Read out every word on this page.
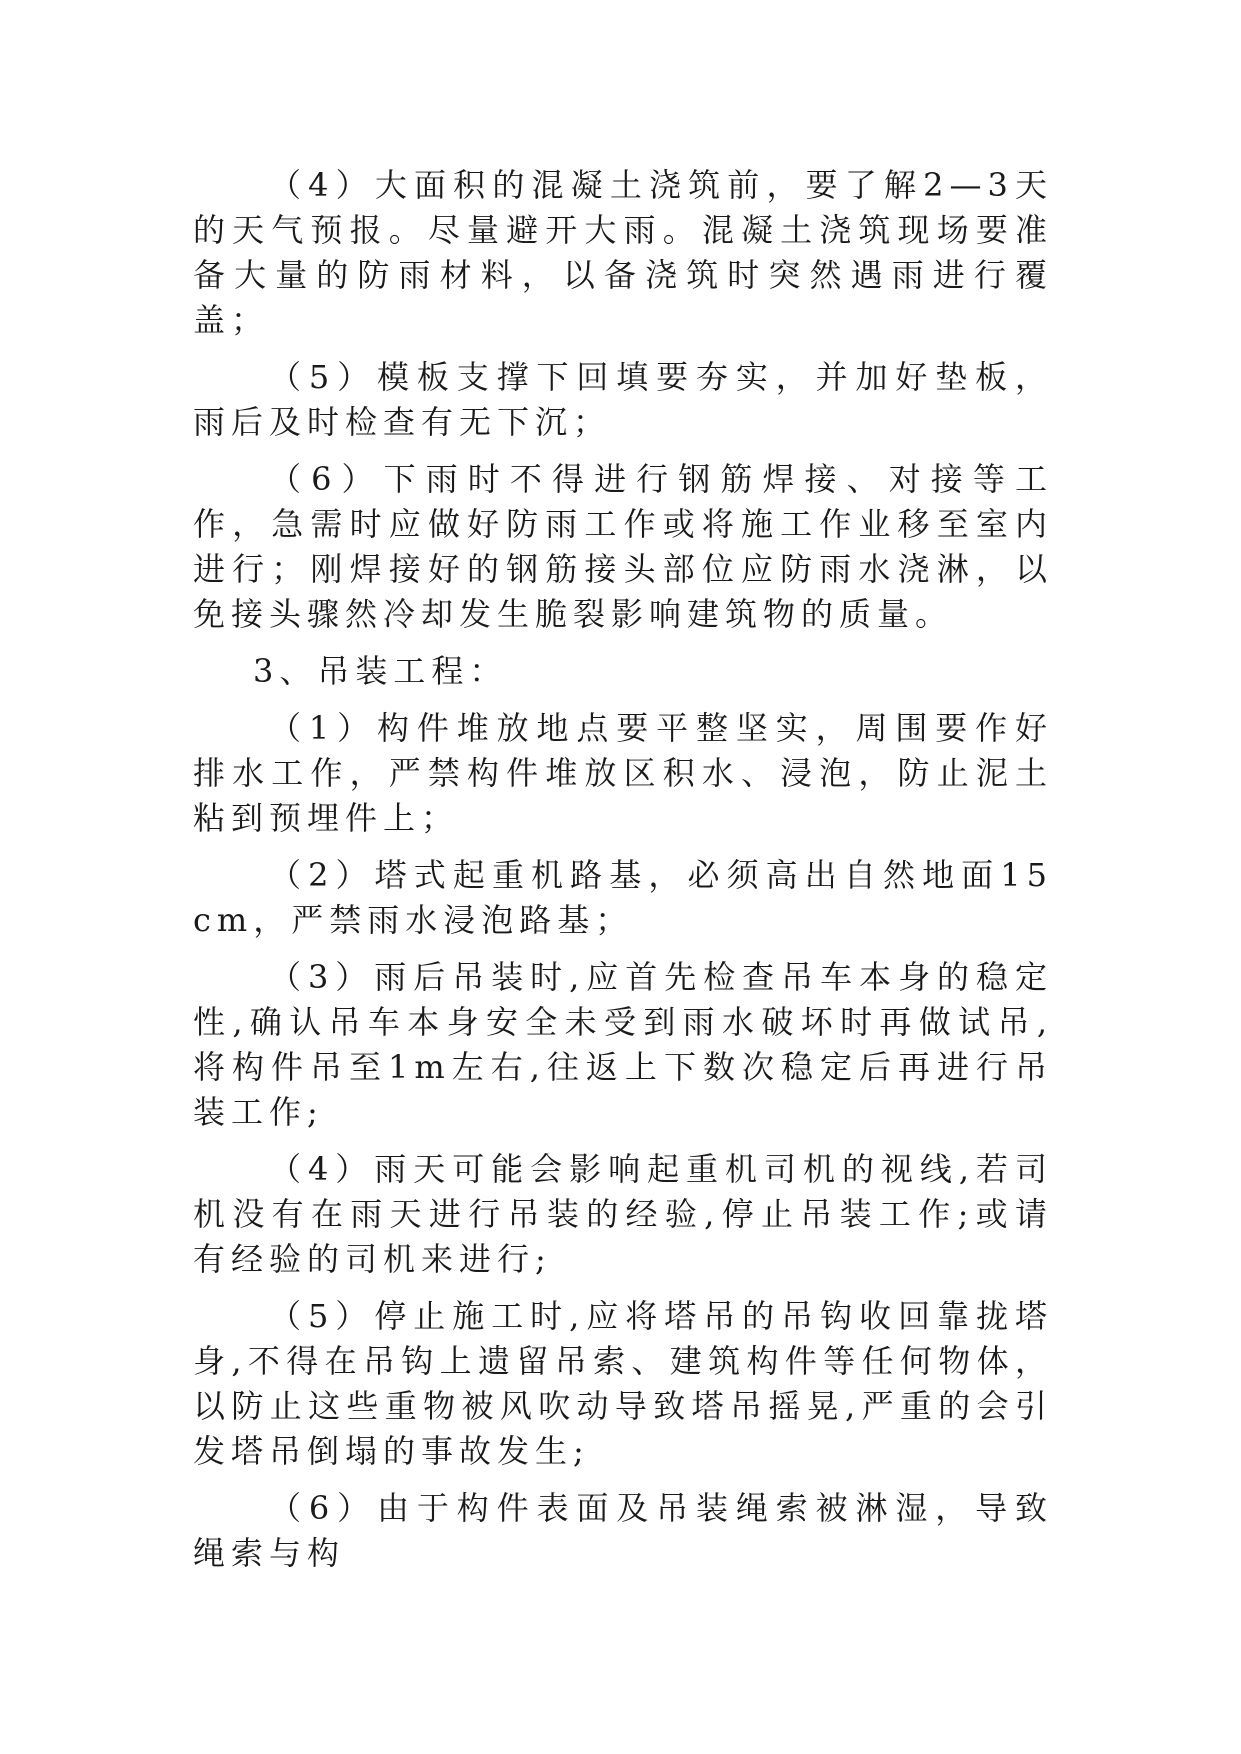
（4）大面积的混凝土浇筑前，要了解2—3天的天气预报。尽量避开大雨。混凝土浇筑现场要准备大量的防雨材料，以备浇筑时突然遇雨进行覆盖；

（5）模板支撑下回填要夯实，并加好垫板，雨后及时检查有无下沉；

（6）下雨时不得进行钢筋焊接、对接等工作，急需时应做好防雨工作或将施工作业移至室内进行；刚焊接好的钢筋接头部位应防雨水浇淋，以免接头骤然冷却发生脆裂影响建筑物的质量。

3、吊装工程：

（1）构件堆放地点要平整坚实，周围要作好排水工作，严禁构件堆放区积水、浸泡，防止泥土粘到预埋件上；

（2）塔式起重机路基，必须高出自然地面15cm，严禁雨水浸泡路基；

（3）雨后吊装时,应首先检查吊车本身的稳定性,确认吊车本身安全未受到雨水破坏时再做试吊,将构件吊至1m左右,往返上下数次稳定后再进行吊装工作;

（4）雨天可能会影响起重机司机的视线,若司机没有在雨天进行吊装的经验,停止吊装工作;或请有经验的司机来进行;

（5）停止施工时,应将塔吊的吊钩收回靠拢塔身,不得在吊钩上遗留吊索、建筑构件等任何物体，以防止这些重物被风吹动导致塔吊摇晃,严重的会引发塔吊倒塌的事故发生;

（6）由于构件表面及吊装绳索被淋湿，导致绳索与构
